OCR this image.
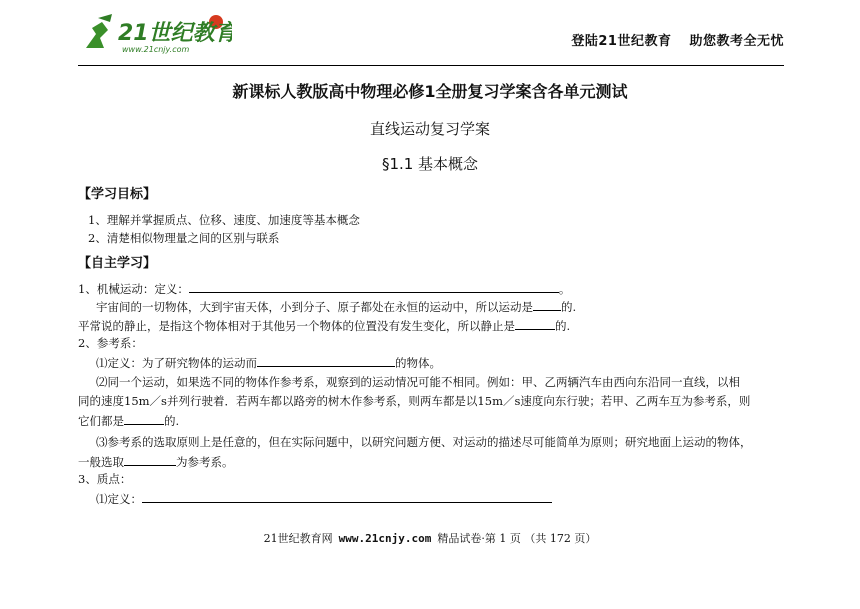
21世纪教育
www.21cnjy.com
登陆21世纪教育 助您教考全无忧
新课标人教版高中物理必修1全册复习学案含各单元测试
直线运动复习学案
§1.1 基本概念
【学习目标】
1、理解并掌握质点、位移、速度、加速度等基本概念
2、清楚相似物理量之间的区别与联系
【自主学习】
1、机械运动：定义：	。
宇宙间的一切物体，大到宇宙天体，小到分子、原子都处在永恒的运动中，所以运动是 的.
平常说的静止，是指这个物体相对于其他另一个物体的位置没有发生变化，所以静止是	的.
2、参考系：
⑴定义：为了研究物体的运动而	的物体。
⑵同一个运动，如果选不同的物体作参考系，观察到的运动情况可能不相同。例如：甲、乙两辆汽车由西向东沿同一直线，以相
同的速度15m／s并列行驶着．若两车都以路旁的树木作参考系，则两车都是以15m／s速度向东行驶；若甲、乙两车互为参考系，则
它们都是	的.
⑶参考系的选取原则上是任意的，但在实际问题中，以研究问题方便、对运动的描述尽可能简单为原则；研究地面上运动的物体，
一般选取	为参考系。
3、质点：
⑴定义：
21世纪教育网 www.21cnjy.com 精品试卷·第 1 页 （共 172 页）
